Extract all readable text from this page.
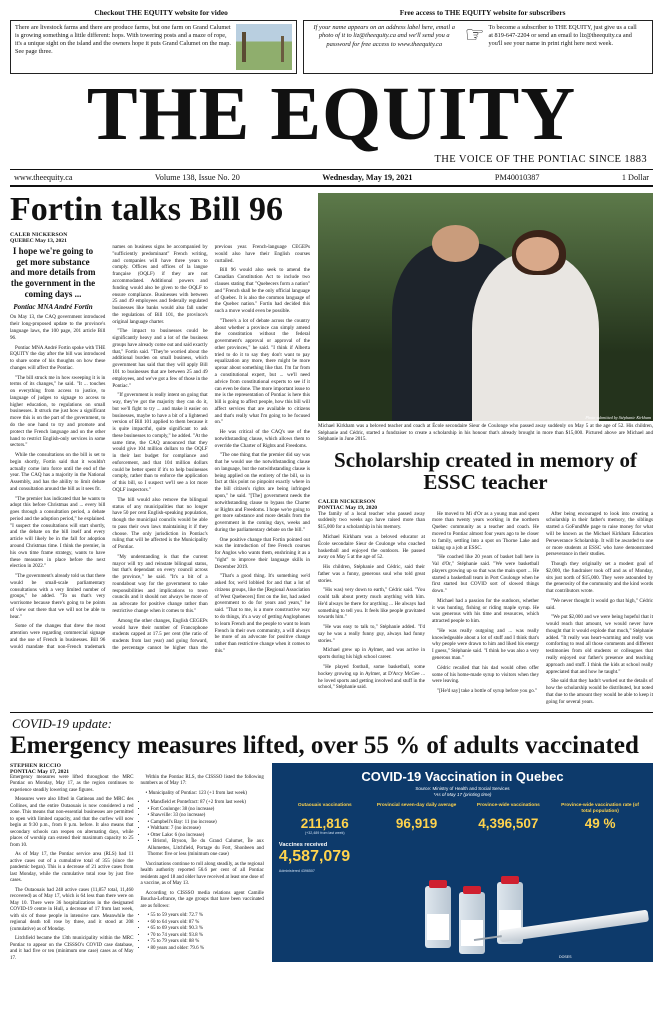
Checkout THE EQUITY website for video	Free access to THE EQUITY website for subscribers
There are livestock farms and there are produce farms, but one farm on Grand Calumet is growing something a little different: hops. With towering posts and a maze of rope, it's a unique sight on the island and the owners hope it puts Grand Calumet on the map. See page three.
If your name appears on an address label here, email a photo of it to liz@theequity.ca and we'll send you a password for free access to www.theequity.ca	☞ To become a subscriber to THE EQUITY, just give us a call at 819-647-2204 or send an email to liz@theequity.ca and you'll see your name in print right here next week.
THE EQUITY
THE VOICE OF THE PONTIAC SINCE 1883
www.theequity.ca	Volume 138, Issue No. 20	Wednesday, May 19, 2021	PM40010387	1 Dollar
Fortin talks Bill 96
CALEB NICKERSON
QUEBEC May 13, 2021
I hope we're going to get more substance and more details from the government in the coming days ...
Pontiac MNA André Fortin

On May 13, the CAQ government introduced their long-proposed update to the province's language laws, the 100 page, 201 article Bill 96.

Pontiac MNA André Fortin spoke with THE EQUITY the day after the bill was introduced to share some of his thoughts on how these changes will affect the Pontiac.

"The bill struck me in how sweeping it is in terms of its changes," he said. "It ... touches on everything from access to justice, to language of judges to signage to access to higher education, to regulations on small businesses. It struck me just how a significant move this is on the part of the government, to do the one hand to try and promote and protect the French language and on the other hand to restrict English-only services in some sectors."

While the consultations on the bill is set to begin shortly, Fortin said that it wouldn't actually come into force until the end of the year. The CAQ has a majority in the National Assembly, and has the ability to limit debate and consultation around the bill as it sees fit.

"The premier has indicated that he wants to adopt this before Christmas and ... every bill goes through a consultation period, a debate period and the adoption period," he explained. "I suspect the consultations will start shortly, and the debate on the bill itself and every article will likely be in the fall for adoption around Christmas time. I think the premier, in his own time frame strategy, wants to have these measures in place before the next election in 2022."

"The government's already told us that there would be small-scale parliamentary consultations with a very limited number of groups," he added. "To us that's very worrisome because there's going to be points of view out there that we will not be able to hear."

Some of the changes that drew the most attention were regarding commercial signage and the use of French in businesses. Bill 96 would mandate that non-French trademark names on business signs be accompanied by "sufficiently predominant" French writing, and companies will have three years to comply. Offices and offices of la langue française (OQLF) if they are not accommodated. Additional powers and funding would also be given to the OQLF to ensure compliance. Businesses with between 25 and 49 employees and federally regulated businesses like banks would also fall under the regulations of Bill 101, the province's original language charter.

"The impact to businesses could be significantly heavy and a lot of the business groups have already come out and said exactly that," Fortin said. "They're worried about the additional burden on small business, which government has said that they will apply Bill 101 to businesses that are between 25 and 49 employees, and we've got a few of those in the Pontiac."

"If government is really intent on going that way, they've got the majority they can do it, but we'll fight to try ... and make it easier on businesses, maybe to have a bit of a lightened version of Bill 101 applied to them because it is quite impactful, quite significant to ask these businesses to comply," he added. "At the same time, the CAQ announced that they would give 104 million dollars to the OQLF in their last budget for compliance and enforcement, and that 104 million dollars could be better spent if it's to help businesses comply, rather than to enforce the application of this bill, so I suspect we'll see a lot more OQLF inspectors."

The bill would also remove the bilingual status of any municipalities that no longer have 50 per cent English-speaking population, though the municipal councils would be able to pass their own laws maintaining it if they choose. The only jurisdiction in Pontiac's ruling that will be affected is the Municipality of Pontiac.

"My understanding is that the current mayor will try and reinstate bilingual status, but that's dependant on every council across the province," he said. "It's a bit of a roundabout way for the government to take responsibilities and implications to town councils and it should not always be more of an advocate for positive change rather than restrictive change when it comes to this."

Among the other changes, English CEGEPs would have their number of Francophone students capped at 17.5 per cent (the ratio of students from last year) and going forward, the percentage cannot be higher than the previous year. French-language CEGEPs would also have their English courses curtailed.

Bill 96 would also seek to amend the Canadian Constitution Act to include two clauses stating that "Quebecers form a nation" and "French shall be the only official language of Quebec. It is also the common language of the Quebec nation." Fortin had decided this such a move would even be possible.

"There's a lot of debate across the country about whether a province can simply amend the constitution without the federal government's approval or approval of the other provinces," he said. "I think if Alberta tried to do it to say they don't want to pay equalization any more, there might be more uproar about something like that. I'm far from a constitutional expert, but ... we'll need advice from constitutional experts to see if it can even be done. The more important issue to me is the representation of Pontiac is here this bill is going to affect people, how this bill will affect services that are available to citizens and that's really what I'm going to be focused on."

He was critical of the CAQ's use of the notwithstanding clause, which allows them to override the Charter of Rights and Freedoms.

"The one thing that the premier did say was that he would use the notwithstanding clause on language, but the notwithstanding clause is being applied on the entirety of the bill, so in fact at this point no pinpoint exactly where in the bill citizen's rights are being infringed upon," he said. "[The] government needs the notwithstanding clause to bypass the Charter or Rights and Freedoms. I hope we're going to get more substance and more details from the government in the coming days, weeks and during the parliamentary debate on the bill."

One positive change that Fortin pointed out was the introduction of free French courses for Anglos who wants them, enshrining it as a "right" to improve their language skills in December 2019.

"That's a good thing. It's something we'd asked for, we'd lobbied for and that a lot of citizens groups, like the [Regional Association of West Quebecers] first on the list, had asked government to do for years and years," he said. "That to me, is a more constructive way to do things, it's a way of getting Anglophones to learn French and the people to want to learn French in their own community, a will always be more of an advocate for positive change rather than restrictive change when it comes to this."

Photo submitted by Stéphanie Kirkham
Michael Kirkham was a beloved teacher and coach at École secondaire Sieur de Coulonge who passed away suddenly on May 5 at the age of 52. His children, Stéphanie and Cédric, started a fundraiser to create a scholarship in his honour that's already brought in more than $15,000. Pictured above are Michael and Stéphanie in June 2015.
Scholarship created in memory of ESSC teacher
CALEB NICKERSON
PONTIAC May 19, 2020

The family of a local teacher who passed away suddenly two weeks ago have raised more than $15,000 for a scholarship in his memory.

Michael Kirkham was a beloved educator at École secondaire Sieur de Coulonge who coached basketball and enjoyed the outdoors. He passed away on May 5 at the age of 52.

His children, Stéphanie and Cédric, said their father was a funny, generous soul who told great stories.

"His was) very down to earth," Cédric said. "You could talk about pretty much anything with him. He'd always be there for anything ... He always had something to tell you. It feels like people gravitated towards him."

"He was easy to talk to," Stéphanie added. "I'd say he was a really funny guy, always had funny stories."

Michael grew up in Aylmer, and was active in sports during his high school career.

"He played football, some basketball, some hockey growing up in Aylmer, at D'Arcy McGee ... he loved sports and getting involved and stuff in the school," Stéphanie said.

He moved to Mi d'Or as a young man and spent more than twenty years working in the northern Quebec community as a teacher and coach. He moved to Pontiac almost four years ago to be closer to family, settling into a spot on Thorne Lake and taking up a job at ESSC.

"He coached like 20 years of basket ball here in Val d'Or," Stéphanie said. "We were basketball players growing up so that was the main sport ... He started a basketball team in Port Coulonge when he first started but COVID sort of slowed things down."

Michael had a passion for the outdoors, whether it was hunting, fishing or riding maple syrup. He was generous with his time and resources, which attracted people to him.

"He was really outgoing and ... was really knowledgeable about a lot of stuff and I think that's why people were drawn to him and liked his energy I guess," Stéphanie said. "I think he was also a very generous man."

Cédric recalled that his dad would often offer some of his home-made syrup to visitors when they were leaving.

"[He'd say] take a bottle of syrup before you go."

After being encouraged to look into creating a scholarship in their father's memory, the siblings started a GoFundMe page to raise money for what will be known as the Michael Kirkham Education Perseverance Scholarship. It will be awarded to one or more students at ESSC who have demonstrated perseverance in their studies.

Though they originally set a modest goal of $2,000, the fundraiser took off and as of Monday, sits just north of $15,000. They were astounded by the generosity of the community and the kind words that contributors wrote.

"We never thought it would go that high," Cédric said.

"We put $2,000 and we were being hopeful that it would reach that amount, we would never have thought that it would explode that much," Stéphanie added. "It really was heart-warming and really was comforting to read all those comments and different testimonies from old students or colleagues that really enjoyed our father's presence and teaching approach and stuff. I think the kids at school really appreciated that and how he taught."

She said that they hadn't worked out the details of how the scholarship would be distributed, but noted that due to the amount they would be able to keep it going for several years.

COVID-19 update:
Emergency measures lifted, over 55 % of adults vaccinated
STEPHEN RICCIO
PONTIAC May 17, 2021

Emergency measures were lifted throughout the MRC Pontiac on Monday, May 17, as the region continues to experience steadily lowering case figures.

Measures were also lifted in Gatineau and the MRC des Collines, and the entire Outaouais is now considered a red zone. This means that non-essential businesses are permitted to open with limited capacity, and that the curfew will now begin at 9:30 p.m., from 8 p.m. before. It also means that secondary schools can reopen on alternating days, while places of worship can extend their maximum capacity to 25 from 10.

As of May 17, the Pontiac service area (RLS) had 11 active cases out of a cumulative total of 355 (since the pandemic began). This is a decrease of 21 active cases from last Monday, while the cumulative total rose by just five cases.

The Outaouais had 248 active cases (11,857 total, 11,460 recovered) as of May 17, which is 64 less than there were on May 10. There were 36 hospitalizations in the designated COVID-19 centre in Hull, a decrease of 17 from last week, with six of those people in intensive care. Meanwhile the regional death toll rose by three, and it stood at 208 (cumulative) as of Monday.

Litchfield became the 13th municipality within the MRC Pontiac to appear on the CISSSO's COVID case database, and it had five or ten (minimum one case) cases as of May 17.

Within the Pontiac RLS, the CISSSO listed the following numbers as of May 17:

• Municipality of Pontiac: 123 (+1 from last week)

• • Mansfield et Pontefract: 87 (+2 from last week)
• • Fort Coulonge: 38 (no increase)
• • Shawville: 33 (no increase)
• • Campbell's Bay: 11 (no increase)
• • Waltham: 7 (no increase)
• • Otter Lake: 6 (no increase)
• • Bristol, Bryson, Île du Grand Calumet, Île aux Allumettes, Litchfield, Portage du Fort, Shonbeen and Thorne: five or less (minimum one case)

Vaccinations continue to roll along steadily, as the regional health authority reported 56.6 per cent of all Pontiac residents aged 18 and older have received at least one dose of a vaccine, as of May 13.

According to CISSSO media relations agent Camille Boucha-Lefrance, the age groups that have been vaccinated are as follows:

• • 55 to 59 years old: 72.7 %
• • 60 to 64 years old: 87 %
• • 65 to 69 years old: 90.3 %
• • 70 to 74 years old: 93.8 %
• • 75 to 79 years old: 88 %
• • 80 years and older: 79.6 %
COVID-19 Vaccination in Quebec
Source: Ministry of Health and Social Services
*As of May 17 (printing time)
Outaouais vaccinations
211,816
(+32,489 from last week)
Provincial seven-day daily average
96,919
Province-wide vaccinations
4,396,507
Province-wide vaccination rate (of total population)
49 %
Vaccines received
4,587,079
Administered 4396507
DOSES
